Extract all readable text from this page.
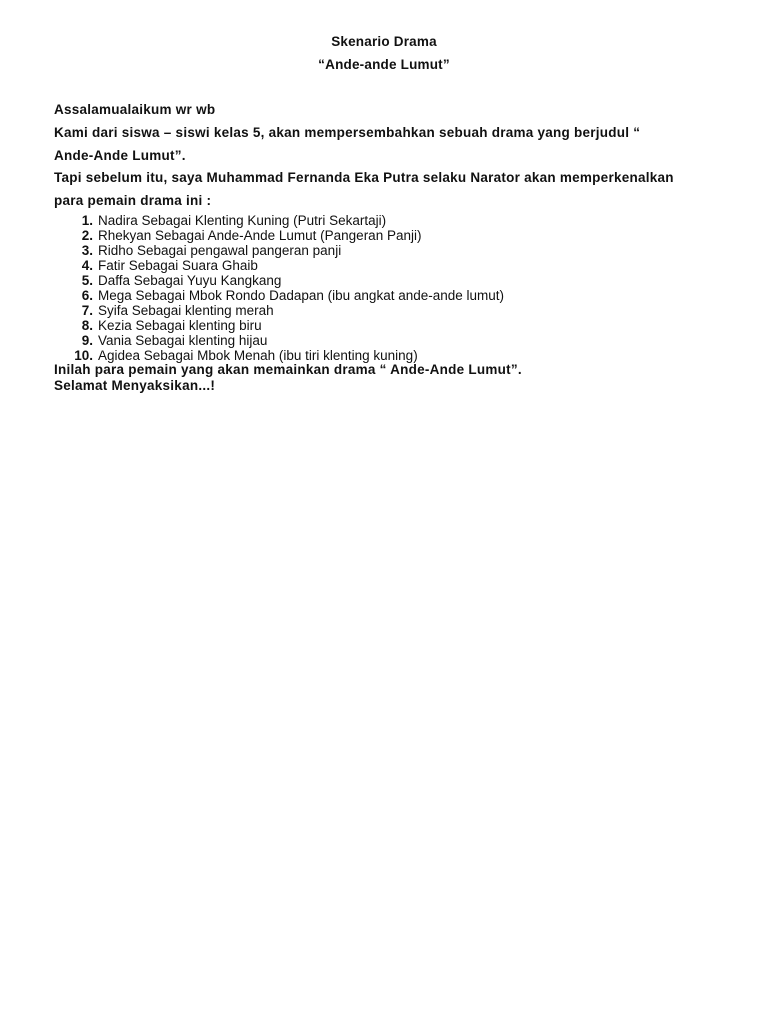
Skenario Drama
“Ande-ande Lumut”
Assalamualaikum wr wb
Kami dari siswa – siswi kelas 5, akan mempersembahkan sebuah drama yang berjudul “
Ande-Ande Lumut”.
Tapi sebelum itu, saya Muhammad Fernanda Eka Putra selaku Narator akan memperkenalkan
para pemain drama ini :
1. Nadira Sebagai Klenting Kuning (Putri Sekartaji)
2. Rhekyan Sebagai Ande-Ande Lumut (Pangeran Panji)
3. Ridho Sebagai pengawal pangeran panji
4. Fatir Sebagai Suara Ghaib
5. Daffa Sebagai Yuyu Kangkang
6. Mega Sebagai Mbok Rondo Dadapan (ibu angkat ande-ande lumut)
7. Syifa Sebagai klenting merah
8. Kezia Sebagai klenting biru
9. Vania Sebagai klenting hijau
10. Agidea Sebagai Mbok Menah (ibu tiri klenting kuning)
Inilah para pemain yang akan memainkan drama “ Ande-Ande Lumut”.
Selamat Menyaksikan...!
